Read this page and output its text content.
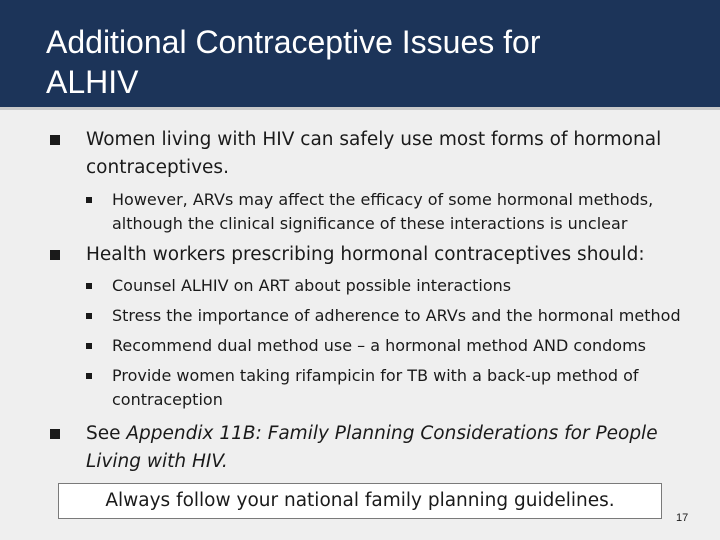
Additional Contraceptive Issues for
ALHIV
Women living with HIV can safely use most forms of hormonal contraceptives.
However, ARVs may affect the efficacy of some hormonal methods, although the clinical significance of these interactions is unclear
Health workers prescribing hormonal contraceptives should:
Counsel ALHIV on ART about possible interactions
Stress the importance of adherence to ARVs and the hormonal method
Recommend dual method use – a hormonal method AND condoms
Provide women taking rifampicin for TB with a back-up method of contraception
See Appendix 11B: Family Planning Considerations for People Living with HIV.
Always follow your national family planning guidelines.
17
